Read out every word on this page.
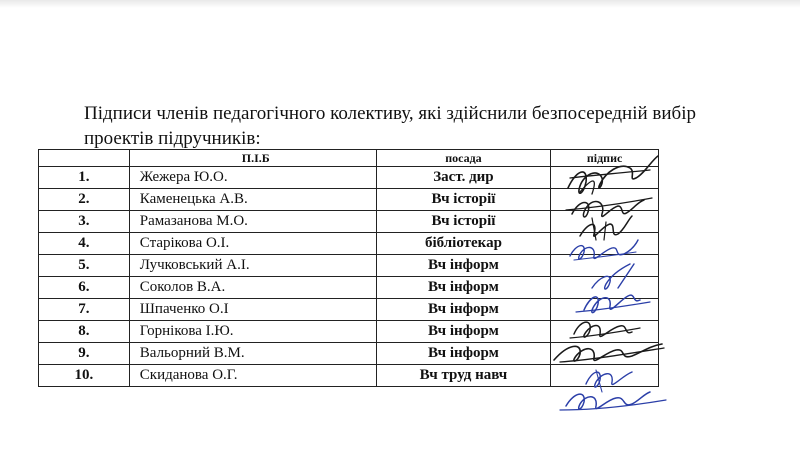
Підписи членів педагогічного колективу, які здійснили безпосередній вибір проектів підручників:

	П.І.Б	посада	підпис
1.	Жежера Ю.О.	Заст. дир	
2.	Каменецька А.В.	Вч історії	
3.	Рамазанова М.О.	Вч історії	
4.	Старікова О.І.	бібліотекар	
5.	Лучковський А.І.	Вч інформ	
6.	Соколов В.А.	Вч інформ	
7.	Шпаченко О.І	Вч інформ	
8.	Горнікова І.Ю.	Вч інформ	
9.	Вальорний В.М.	Вч інформ	
10.	Скиданова О.Г.	Вч труд навч	
